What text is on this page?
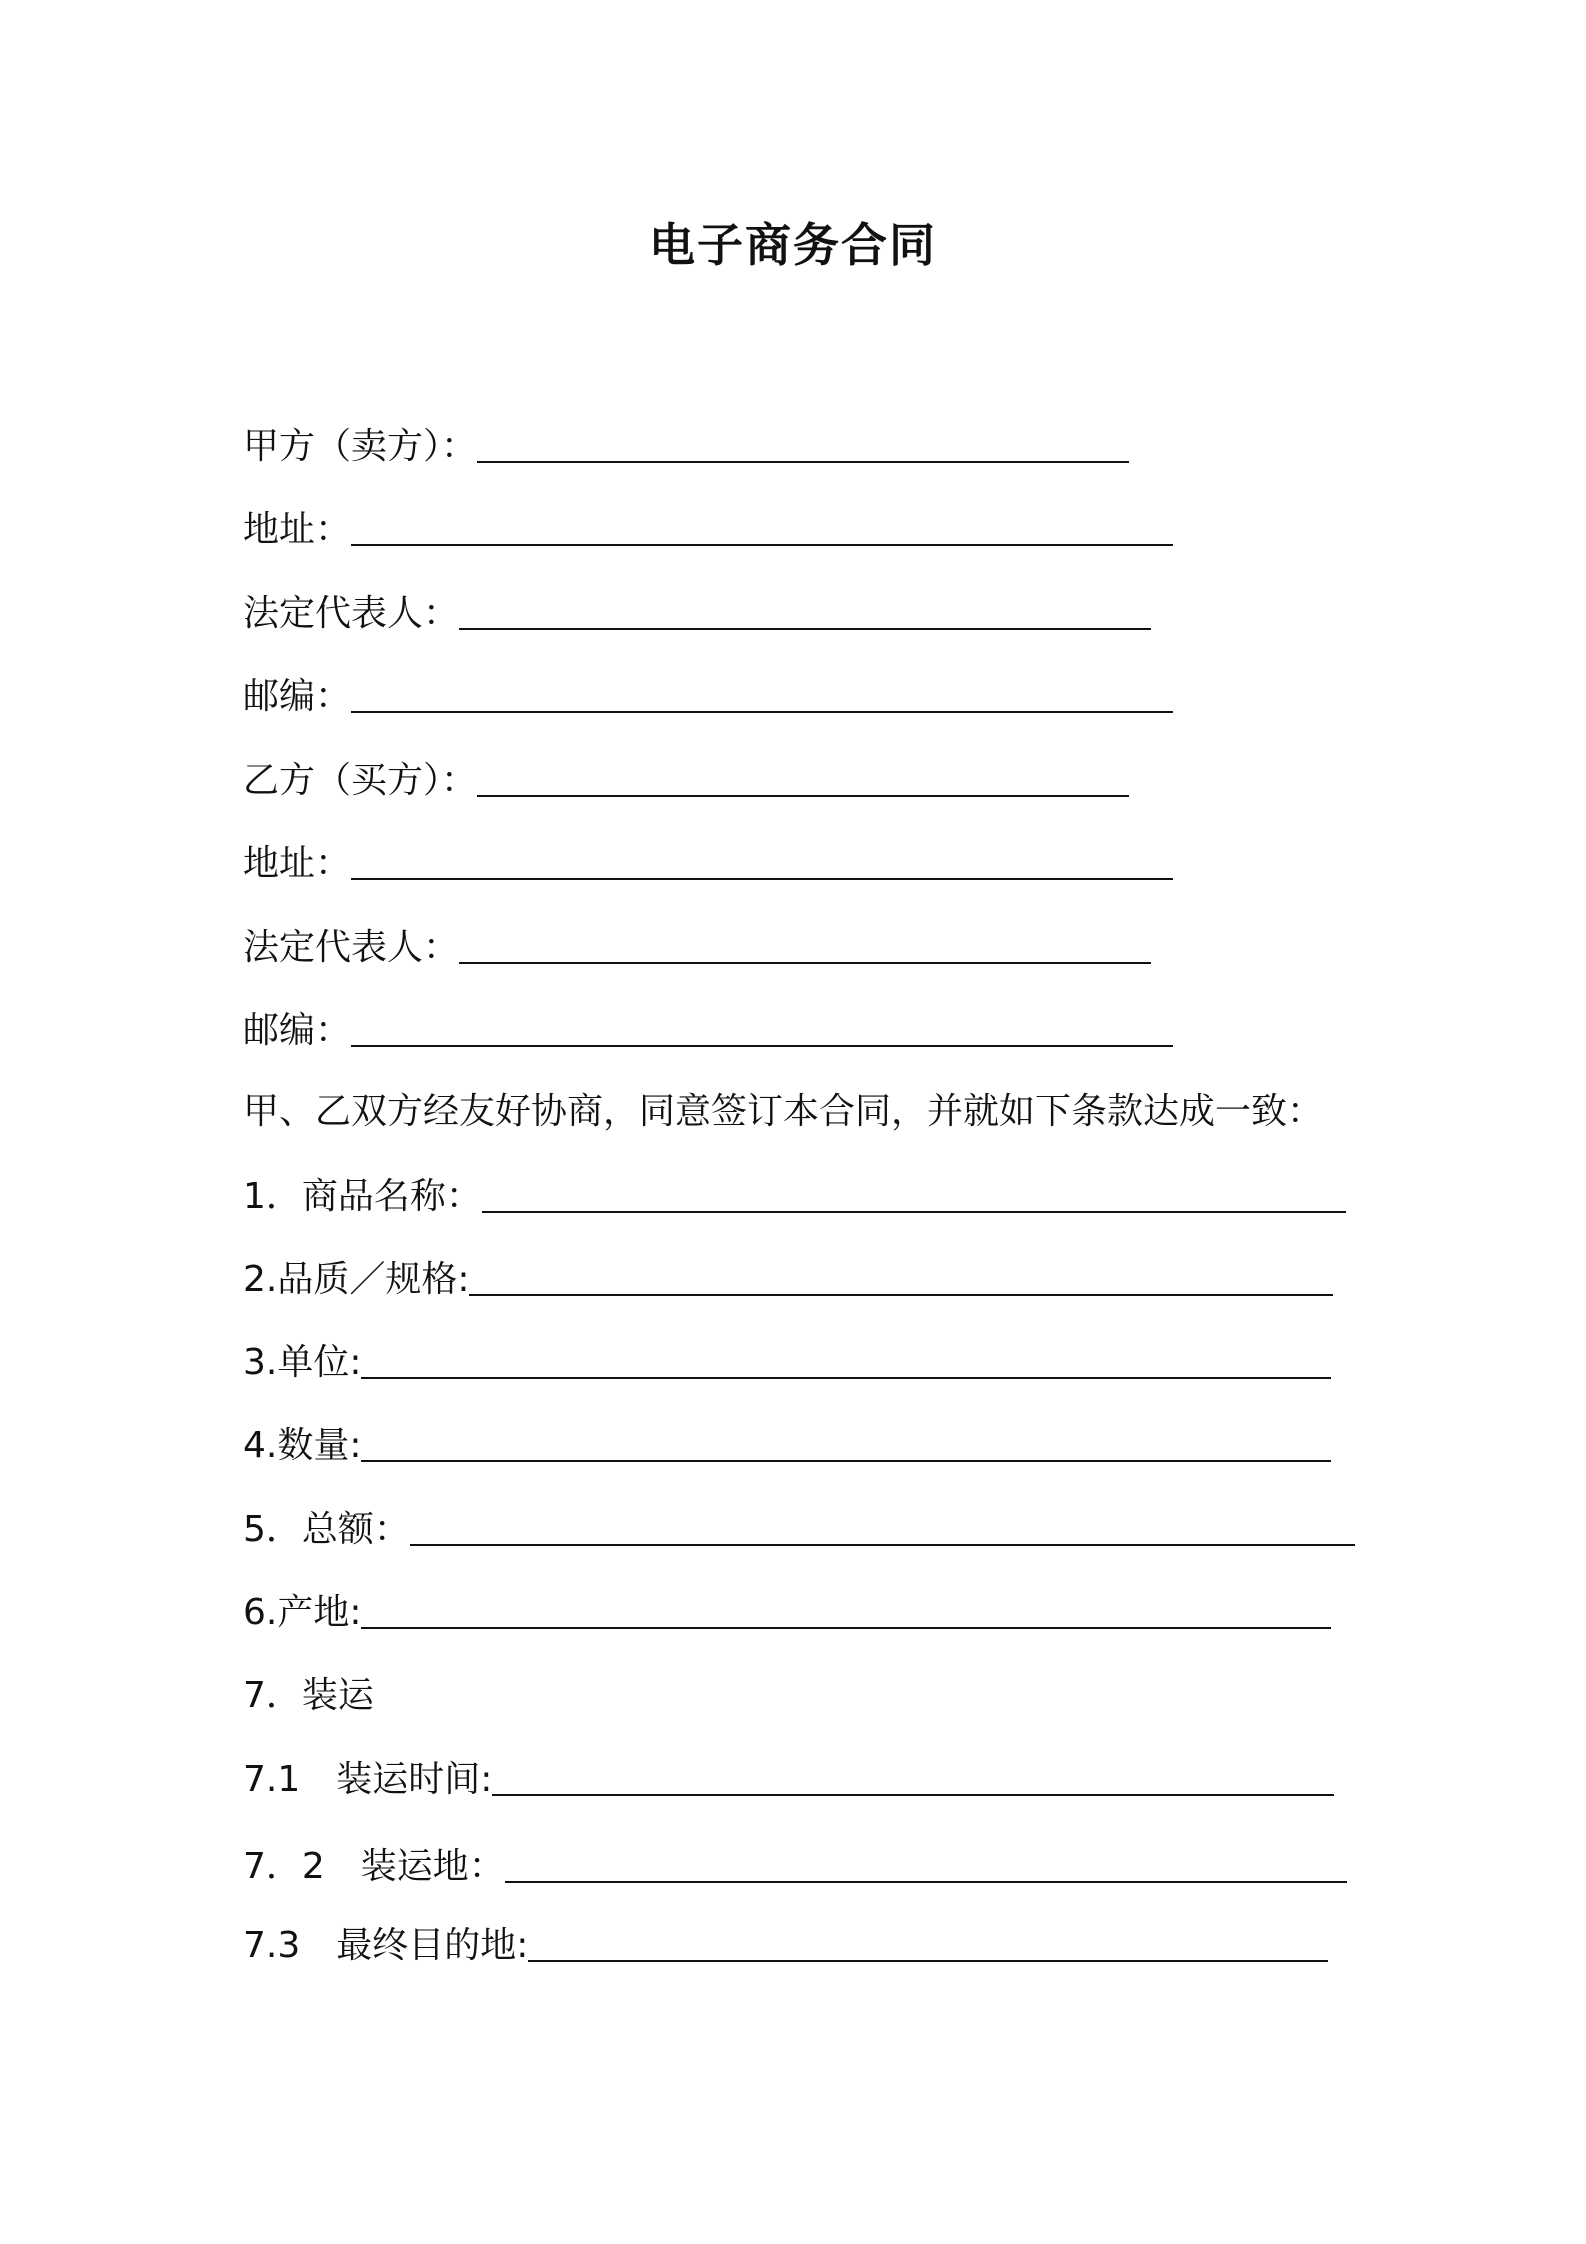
电子商务合同
甲方（卖方）：
地址：
法定代表人：
邮编：
乙方（买方）：
地址：
法定代表人：
邮编：
甲、乙双方经友好协商，同意签订本合同，并就如下条款达成一致：
1．商品名称：
2.品质／规格:
3.单位:
4.数量:
5．总额：
6.产地:
7．装运
7.1　装运时间:
7．2　装运地：
7.3　最终目的地:
